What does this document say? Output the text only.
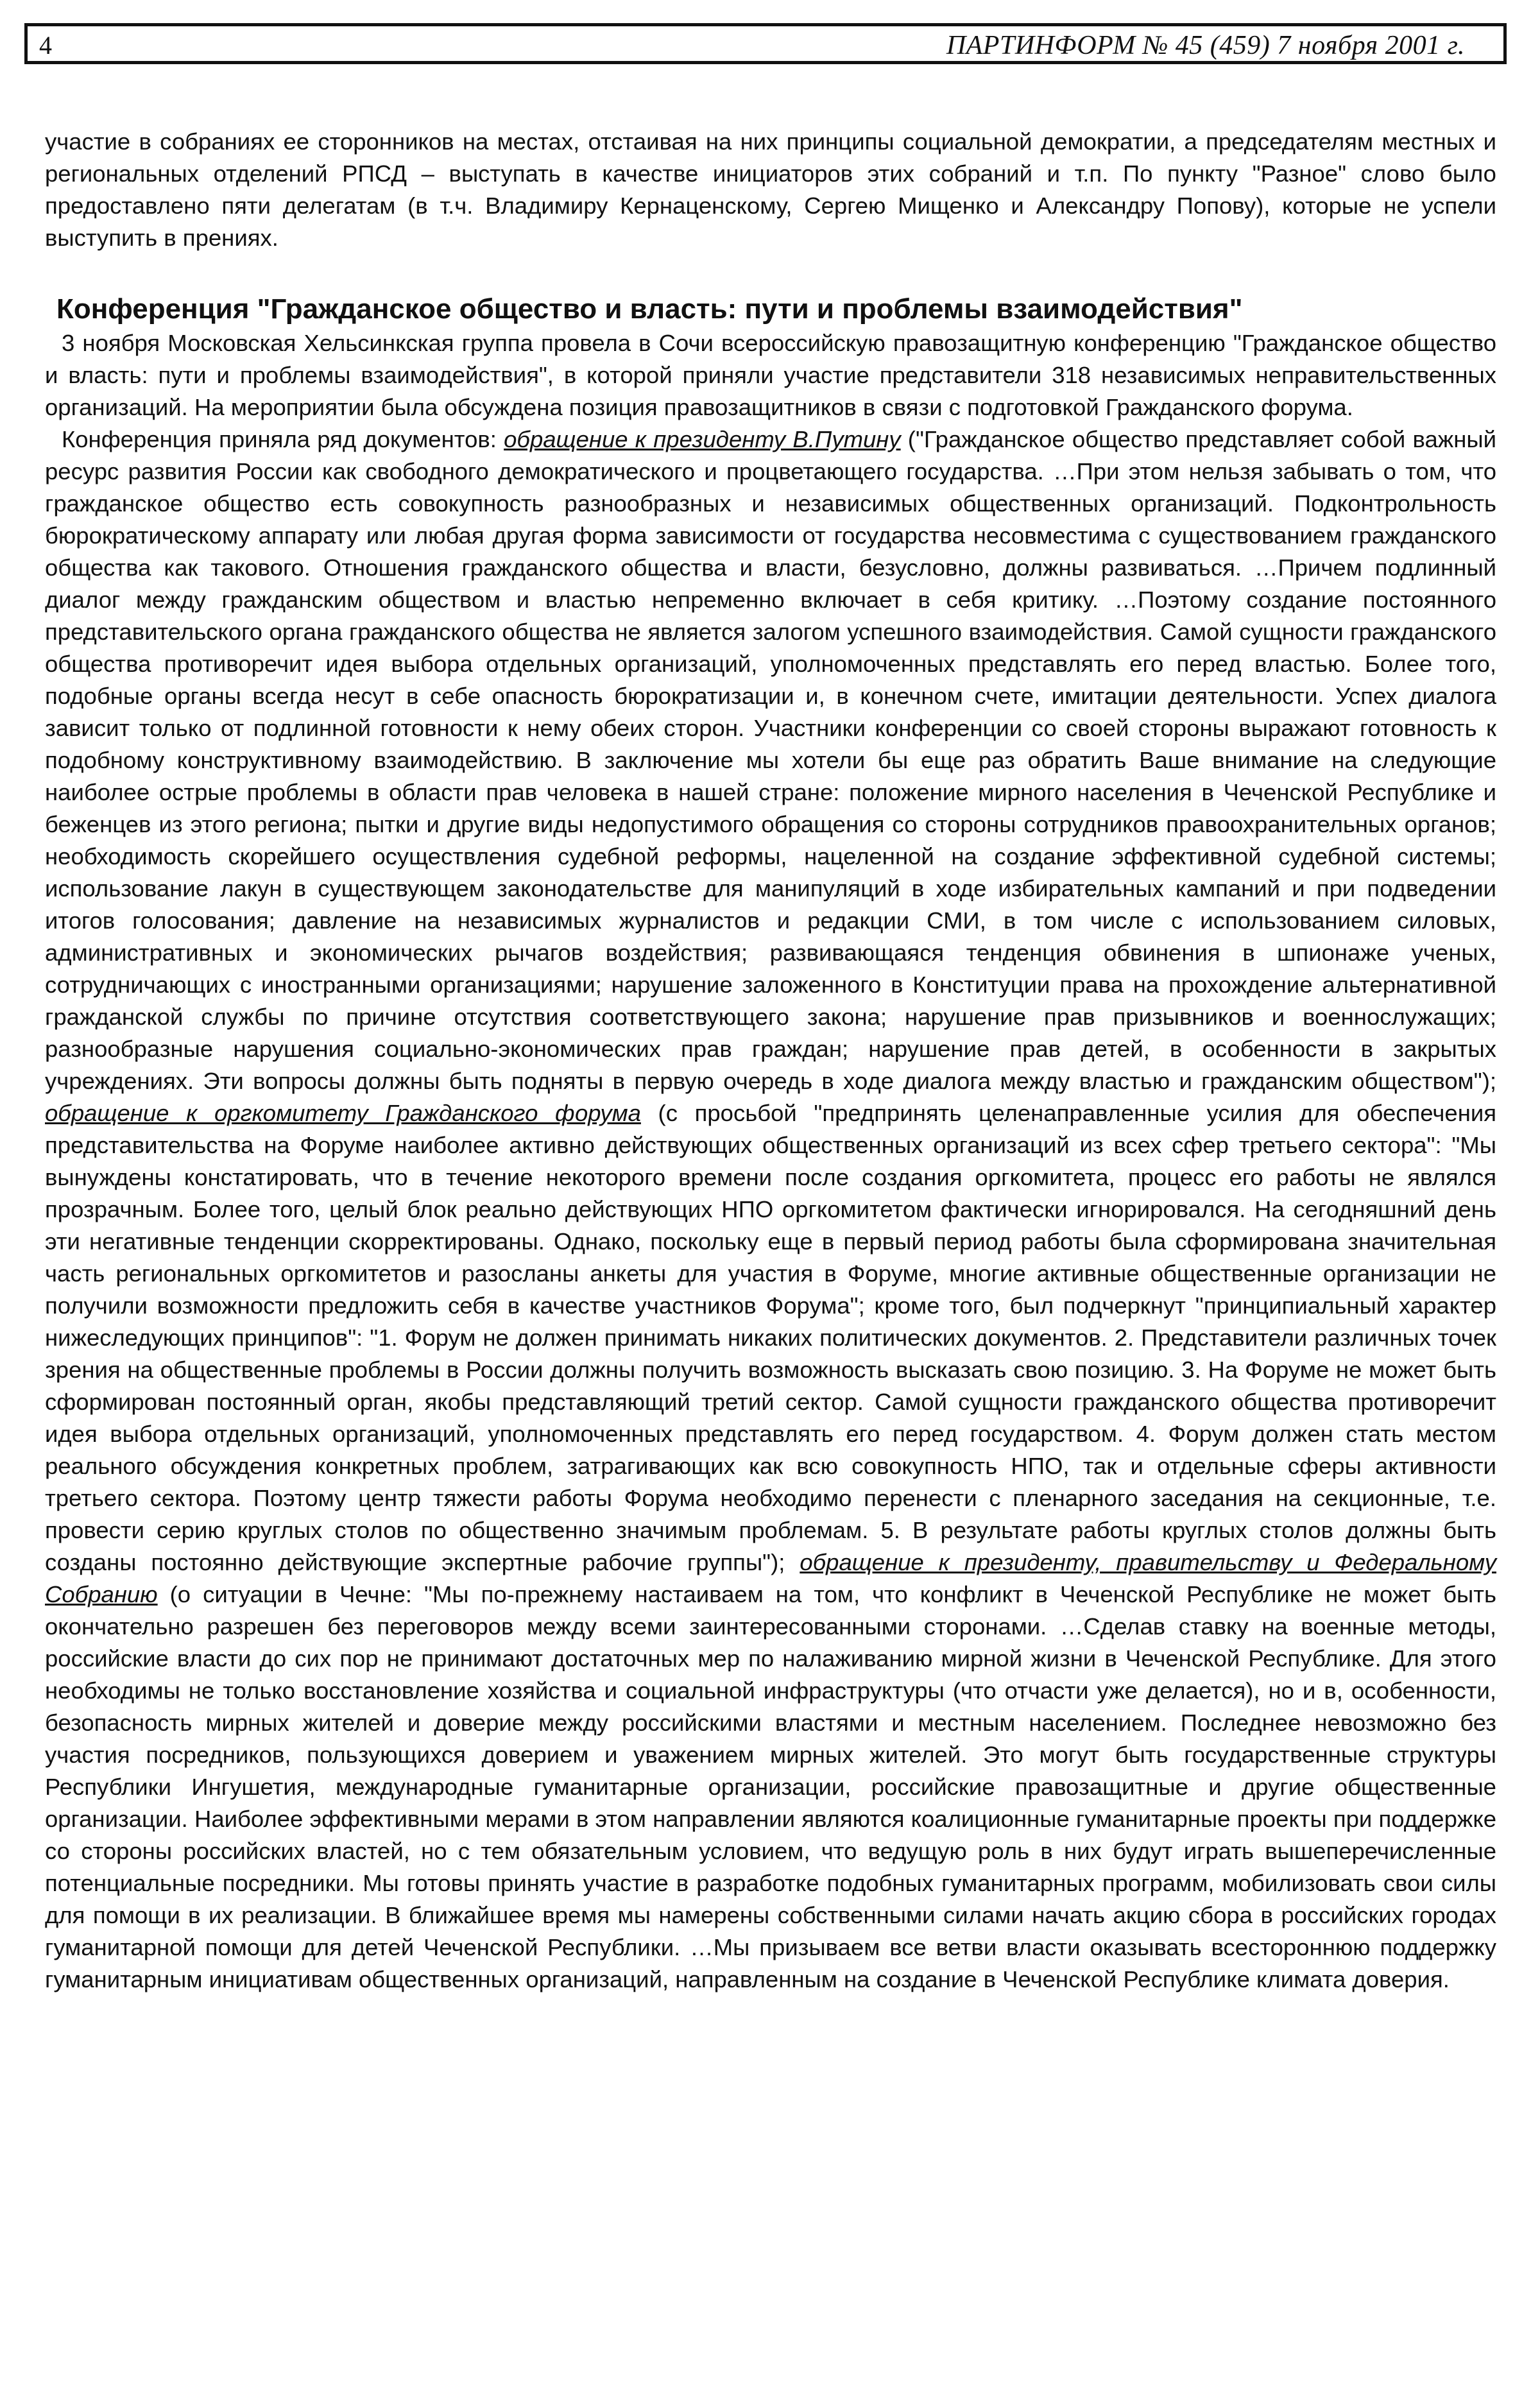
4	ПАРТИНФОРМ № 45 (459) 7 ноября 2001 г.

участие в собраниях ее сторонников на местах, отстаивая на них принципы социальной демократии, а председателям местных и региональных отделений РПСД – выступать в качестве инициаторов этих собраний и т.п. По пункту "Разное" слово было предоставлено пяти делегатам (в т.ч. Владимиру Кернаценскому, Сергею Мищенко и Александру Попову), которые не успели выступить в прениях.

Конференция "Гражданское общество и власть: пути и проблемы взаимодействия"

3 ноября Московская Хельсинкская группа провела в Сочи всероссийскую правозащитную конференцию "Гражданское общество и власть: пути и проблемы взаимодействия", в которой приняли участие представители 318 независимых неправительственных организаций. На мероприятии была обсуждена позиция правозащитников в связи с подготовкой Гражданского форума.

Конференция приняла ряд документов: обращение к президенту В.Путину ("Гражданское общество представляет собой важный ресурс развития России как свободного демократического и процветающего государства. …При этом нельзя забывать о том, что гражданское общество есть совокупность разнообразных и независимых общественных организаций. Подконтрольность бюрократическому аппарату или любая другая форма зависимости от государства несовместима с существованием гражданского общества как такового. Отношения гражданского общества и власти, безусловно, должны развиваться. …Причем подлинный диалог между гражданским обществом и властью непременно включает в себя критику. …Поэтому создание постоянного представительского органа гражданского общества не является залогом успешного взаимодействия. Самой сущности гражданского общества противоречит идея выбора отдельных организаций, уполномоченных представлять его перед властью. Более того, подобные органы всегда несут в себе опасность бюрократизации и, в конечном счете, имитации деятельности. Успех диалога зависит только от подлинной готовности к нему обеих сторон. Участники конференции со своей стороны выражают готовность к подобному конструктивному взаимодействию. В заключение мы хотели бы еще раз обратить Ваше внимание на следующие наиболее острые проблемы в области прав человека в нашей стране: положение мирного населения в Чеченской Республике и беженцев из этого региона; пытки и другие виды недопустимого обращения со стороны сотрудников правоохранительных органов; необходимость скорейшего осуществления судебной реформы, нацеленной на создание эффективной судебной системы; использование лакун в существующем законодательстве для манипуляций в ходе избирательных кампаний и при подведении итогов голосования; давление на независимых журналистов и редакции СМИ, в том числе с использованием силовых, административных и экономических рычагов воздействия; развивающаяся тенденция обвинения в шпионаже ученых, сотрудничающих с иностранными организациями; нарушение заложенного в Конституции права на прохождение альтернативной гражданской службы по причине отсутствия соответствующего закона; нарушение прав призывников и военнослужащих; разнообразные нарушения социально-экономических прав граждан; нарушение прав детей, в особенности в закрытых учреждениях. Эти вопросы должны быть подняты в первую очередь в ходе диалога между властью и гражданским обществом"); обращение к оргкомитету Гражданского форума (с просьбой "предпринять целенаправленные усилия для обеспечения представительства на Форуме наиболее активно действующих общественных организаций из всех сфер третьего сектора": "Мы вынуждены констатировать, что в течение некоторого времени после создания оргкомитета, процесс его работы не являлся прозрачным. Более того, целый блок реально действующих НПО оргкомитетом фактически игнорировался. На сегодняшний день эти негативные тенденции скорректированы. Однако, поскольку еще в первый период работы была сформирована значительная часть региональных оргкомитетов и разосланы анкеты для участия в Форуме, многие активные общественные организации не получили возможности предложить себя в качестве участников Форума"; кроме того, был подчеркнут "принципиальный характер нижеследующих принципов": "1. Форум не должен принимать никаких политических документов. 2. Представители различных точек зрения на общественные проблемы в России должны получить возможность высказать свою позицию. 3. На Форуме не может быть сформирован постоянный орган, якобы представляющий третий сектор. Самой сущности гражданского общества противоречит идея выбора отдельных организаций, уполномоченных представлять его перед государством. 4. Форум должен стать местом реального обсуждения конкретных проблем, затрагивающих как всю совокупность НПО, так и отдельные сферы активности третьего сектора. Поэтому центр тяжести работы Форума необходимо перенести с пленарного заседания на секционные, т.е. провести серию круглых столов по общественно значимым проблемам. 5. В результате работы круглых столов должны быть созданы постоянно действующие экспертные рабочие группы"); обращение к президенту, правительству и Федеральному Собранию (о ситуации в Чечне: "Мы по-прежнему настаиваем на том, что конфликт в Чеченской Республике не может быть окончательно разрешен без переговоров между всеми заинтересованными сторонами. …Сделав ставку на военные методы, российские власти до сих пор не принимают достаточных мер по налаживанию мирной жизни в Чеченской Республике. Для этого необходимы не только восстановление хозяйства и социальной инфраструктуры (что отчасти уже делается), но и в, особенности, безопасность мирных жителей и доверие между российскими властями и местным населением. Последнее невозможно без участия посредников, пользующихся доверием и уважением мирных жителей. Это могут быть государственные структуры Республики Ингушетия, международные гуманитарные организации, российские правозащитные и другие общественные организации. Наиболее эффективными мерами в этом направлении являются коалиционные гуманитарные проекты при поддержке со стороны российских властей, но с тем обязательным условием, что ведущую роль в них будут играть вышеперечисленные потенциальные посредники. Мы готовы принять участие в разработке подобных гуманитарных программ, мобилизовать свои силы для помощи в их реализации. В ближайшее время мы намерены собственными силами начать акцию сбора в российских городах гуманитарной помощи для детей Чеченской Республики. …Мы призываем все ветви власти оказывать всестороннюю поддержку гуманитарным инициативам общественных организаций, направленным на создание в Чеченской Республике климата доверия.
